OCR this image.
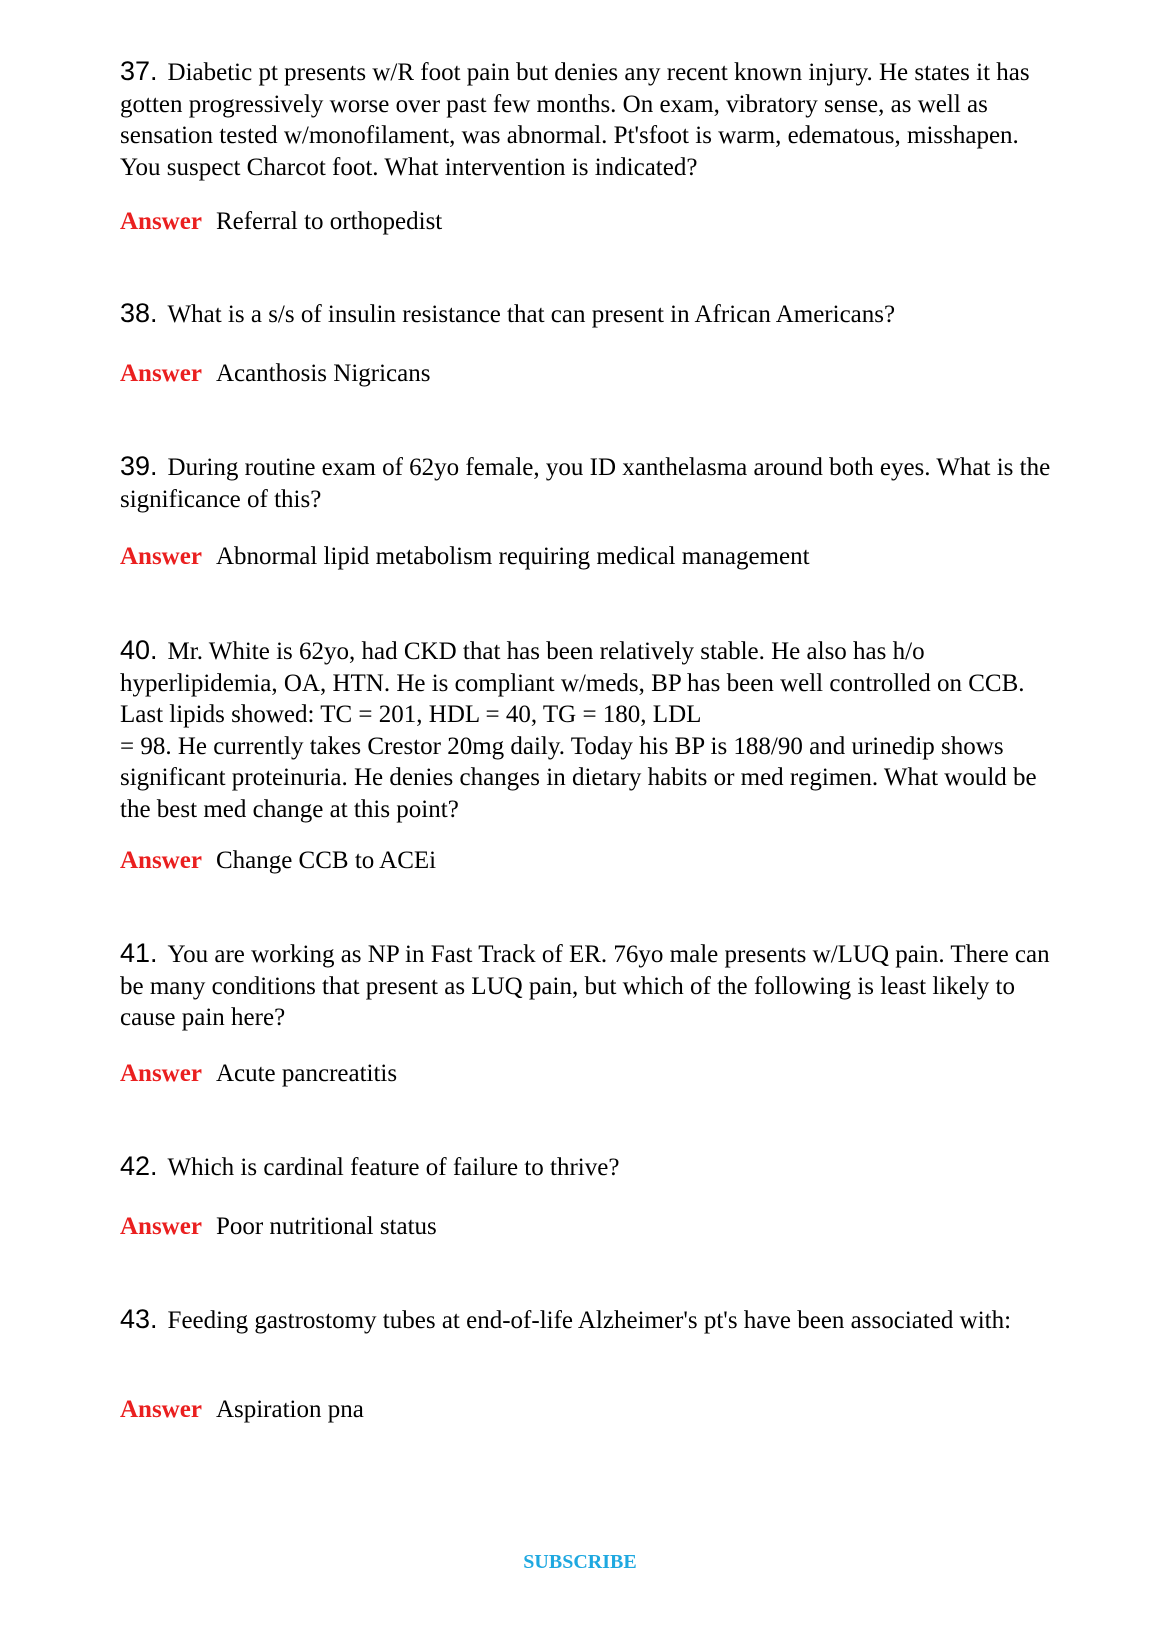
37. Diabetic pt presents w/R foot pain but denies any recent known injury. He states it has gotten progressively worse over past few months. On exam, vibratory sense, as well as sensation tested w/monofilament, was abnormal. Pt'sfoot is warm, edematous, misshapen. You suspect Charcot foot. What intervention is indicated?

Answer Referral to orthopedist

38. What is a s/s of insulin resistance that can present in African Americans?

Answer Acanthosis Nigricans

39. During routine exam of 62yo female, you ID xanthelasma around both eyes. What is the significance of this?

Answer Abnormal lipid metabolism requiring medical management

40. Mr. White is 62yo, had CKD that has been relatively stable. He also has h/o hyperlipidemia, OA, HTN. He is compliant w/meds, BP has been well controlled on CCB. Last lipids showed: TC = 201, HDL = 40, TG = 180, LDL
= 98. He currently takes Crestor 20mg daily. Today his BP is 188/90 and urinedip shows significant proteinuria. He denies changes in dietary habits or med regimen. What would be the best med change at this point?

Answer Change CCB to ACEi

41. You are working as NP in Fast Track of ER. 76yo male presents w/LUQ pain. There can be many conditions that present as LUQ pain, but which of the following is least likely to cause pain here?

Answer Acute pancreatitis

42. Which is cardinal feature of failure to thrive?

Answer Poor nutritional status

43. Feeding gastrostomy tubes at end-of-life Alzheimer's pt's have been associated with:

Answer Aspiration pna

SUBSCRIBE
